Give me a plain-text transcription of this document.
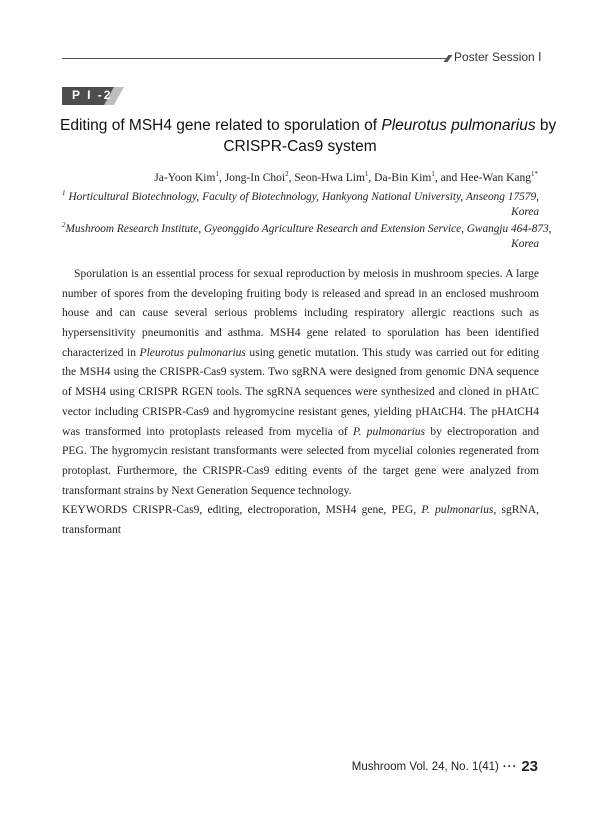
Poster Session Ⅰ
P I -2
Editing of MSH4 gene related to sporulation of Pleurotus pulmonarius by
CRISPR-Cas9 system
Ja-Yoon Kim$^1$, Jong-In Choi$^2$, Seon-Hwa Lim$^1$, Da-Bin Kim$^1$, and Hee-Wan Kang$^{1*}$
$^1$ Horticultural Biotechnology, Faculty of Biotechnology, Hankyong National University, Anseong 17579,
Korea
$^2$Mushroom Research Institute, Gyeonggido Agriculture Research and Extension Service, Gwangju 464-873,
Korea
Sporulation is an essential process for sexual reproduction by meiosis in mushroom species. A large
number of spores from the developing fruiting body is released and spread in an enclosed mushroom
house and can cause several serious problems including respiratory allergic reactions such as
hypersensitivity pneumonitis and asthma. MSH4 gene related to sporulation has been identified
characterized in Pleurotus pulmonarius using genetic mutation. This study was carried out for editing
the MSH4 using the CRISPR-Cas9 system. Two sgRNA were designed from genomic DNA sequence
of MSH4 using CRISPR RGEN tools. The sgRNA sequences were synthesized and cloned in pHAtC
vector including CRISPR-Cas9 and hygromycine resistant genes, yielding pHAtCH4. The pHAtCH4
was transformed into protoplasts released from mycelia of P. pulmonarius by electroporation and
PEG. The hygromycin resistant transformants were selected from mycelial colonies regenerated from
protoplast. Furthermore, the CRISPR-Cas9 editing events of the target gene were analyzed from
transformant strains by Next Generation Sequence technology.
KEYWORDS CRISPR-Cas9, editing, electroporation, MSH4 gene, PEG, P. pulmonarius, sgRNA,
transformant
Mushroom Vol. 24, No. 1(41) ··· 23
